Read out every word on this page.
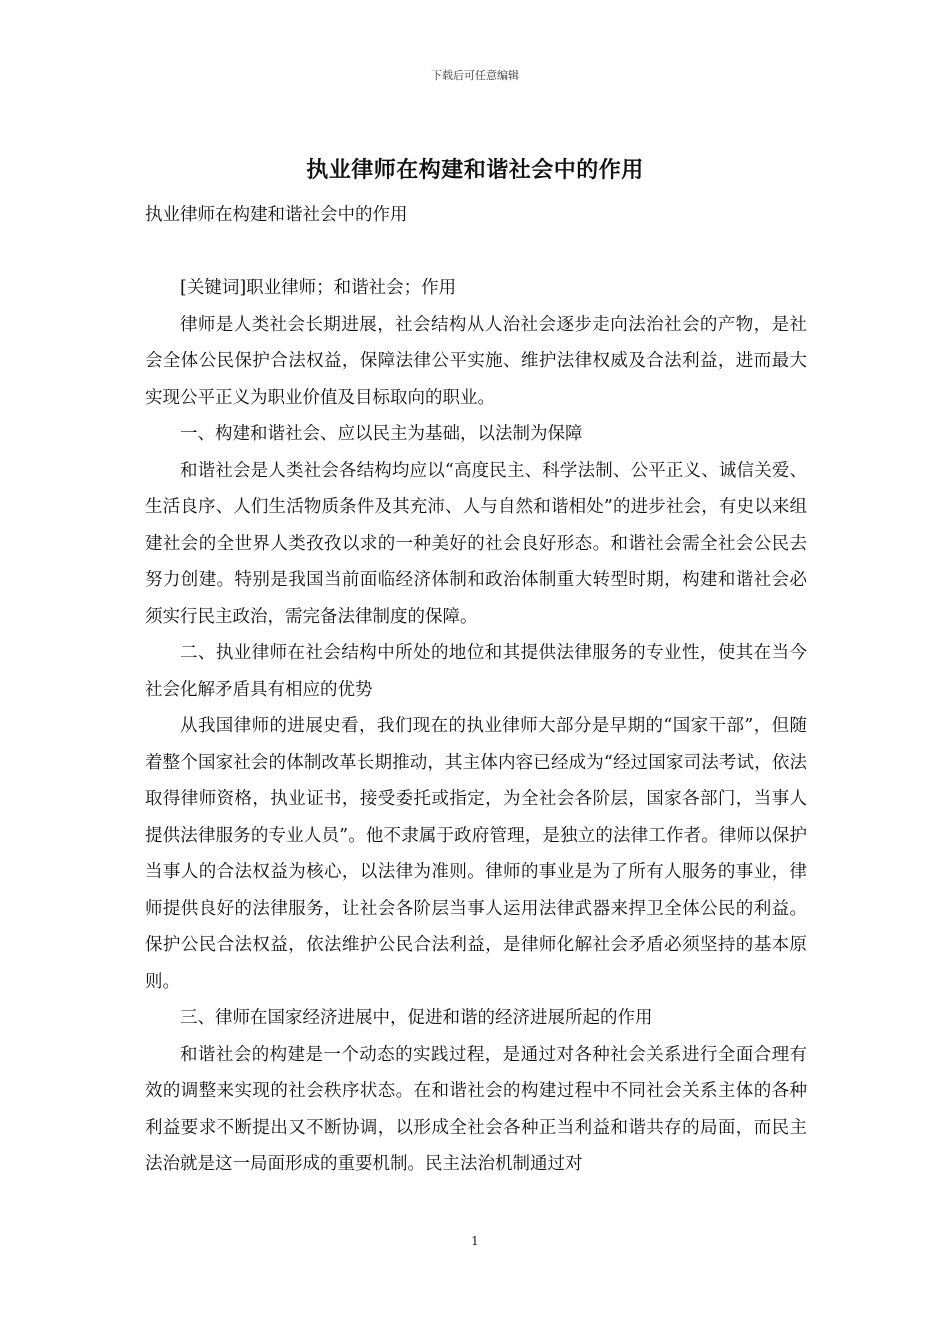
下载后可任意编辑
执业律师在构建和谐社会中的作用

执业律师在构建和谐社会中的作用

[关键词]职业律师；和谐社会；作用

律师是人类社会长期进展，社会结构从人治社会逐步走向法治社会的产物，是社会全体公民保护合法权益，保障法律公平实施、维护法律权威及合法利益，进而最大实现公平正义为职业价值及目标取向的职业。

一、构建和谐社会、应以民主为基础，以法制为保障

和谐社会是人类社会各结构均应以“高度民主、科学法制、公平正义、诚信关爱、生活良序、人们生活物质条件及其充沛、人与自然和谐相处”的进步社会，有史以来组建社会的全世界人类孜孜以求的一种美好的社会良好形态。和谐社会需全社会公民去努力创建。特别是我国当前面临经济体制和政治体制重大转型时期，构建和谐社会必须实行民主政治，需完备法律制度的保障。

二、执业律师在社会结构中所处的地位和其提供法律服务的专业性，使其在当今社会化解矛盾具有相应的优势

从我国律师的进展史看，我们现在的执业律师大部分是早期的“国家干部”，但随着整个国家社会的体制改革长期推动，其主体内容已经成为“经过国家司法考试，依法取得律师资格，执业证书，接受委托或指定，为全社会各阶层，国家各部门，当事人提供法律服务的专业人员”。他不隶属于政府管理，是独立的法律工作者。律师以保护当事人的合法权益为核心，以法律为准则。律师的事业是为了所有人服务的事业，律师提供良好的法律服务，让社会各阶层当事人运用法律武器来捍卫全体公民的利益。保护公民合法权益，依法维护公民合法利益，是律师化解社会矛盾必须坚持的基本原则。

三、律师在国家经济进展中，促进和谐的经济进展所起的作用

和谐社会的构建是一个动态的实践过程，是通过对各种社会关系进行全面合理有效的调整来实现的社会秩序状态。在和谐社会的构建过程中不同社会关系主体的各种利益要求不断提出又不断协调，以形成全社会各种正当利益和谐共存的局面，而民主法治就是这一局面形成的重要机制。民主法治机制通过对

1
